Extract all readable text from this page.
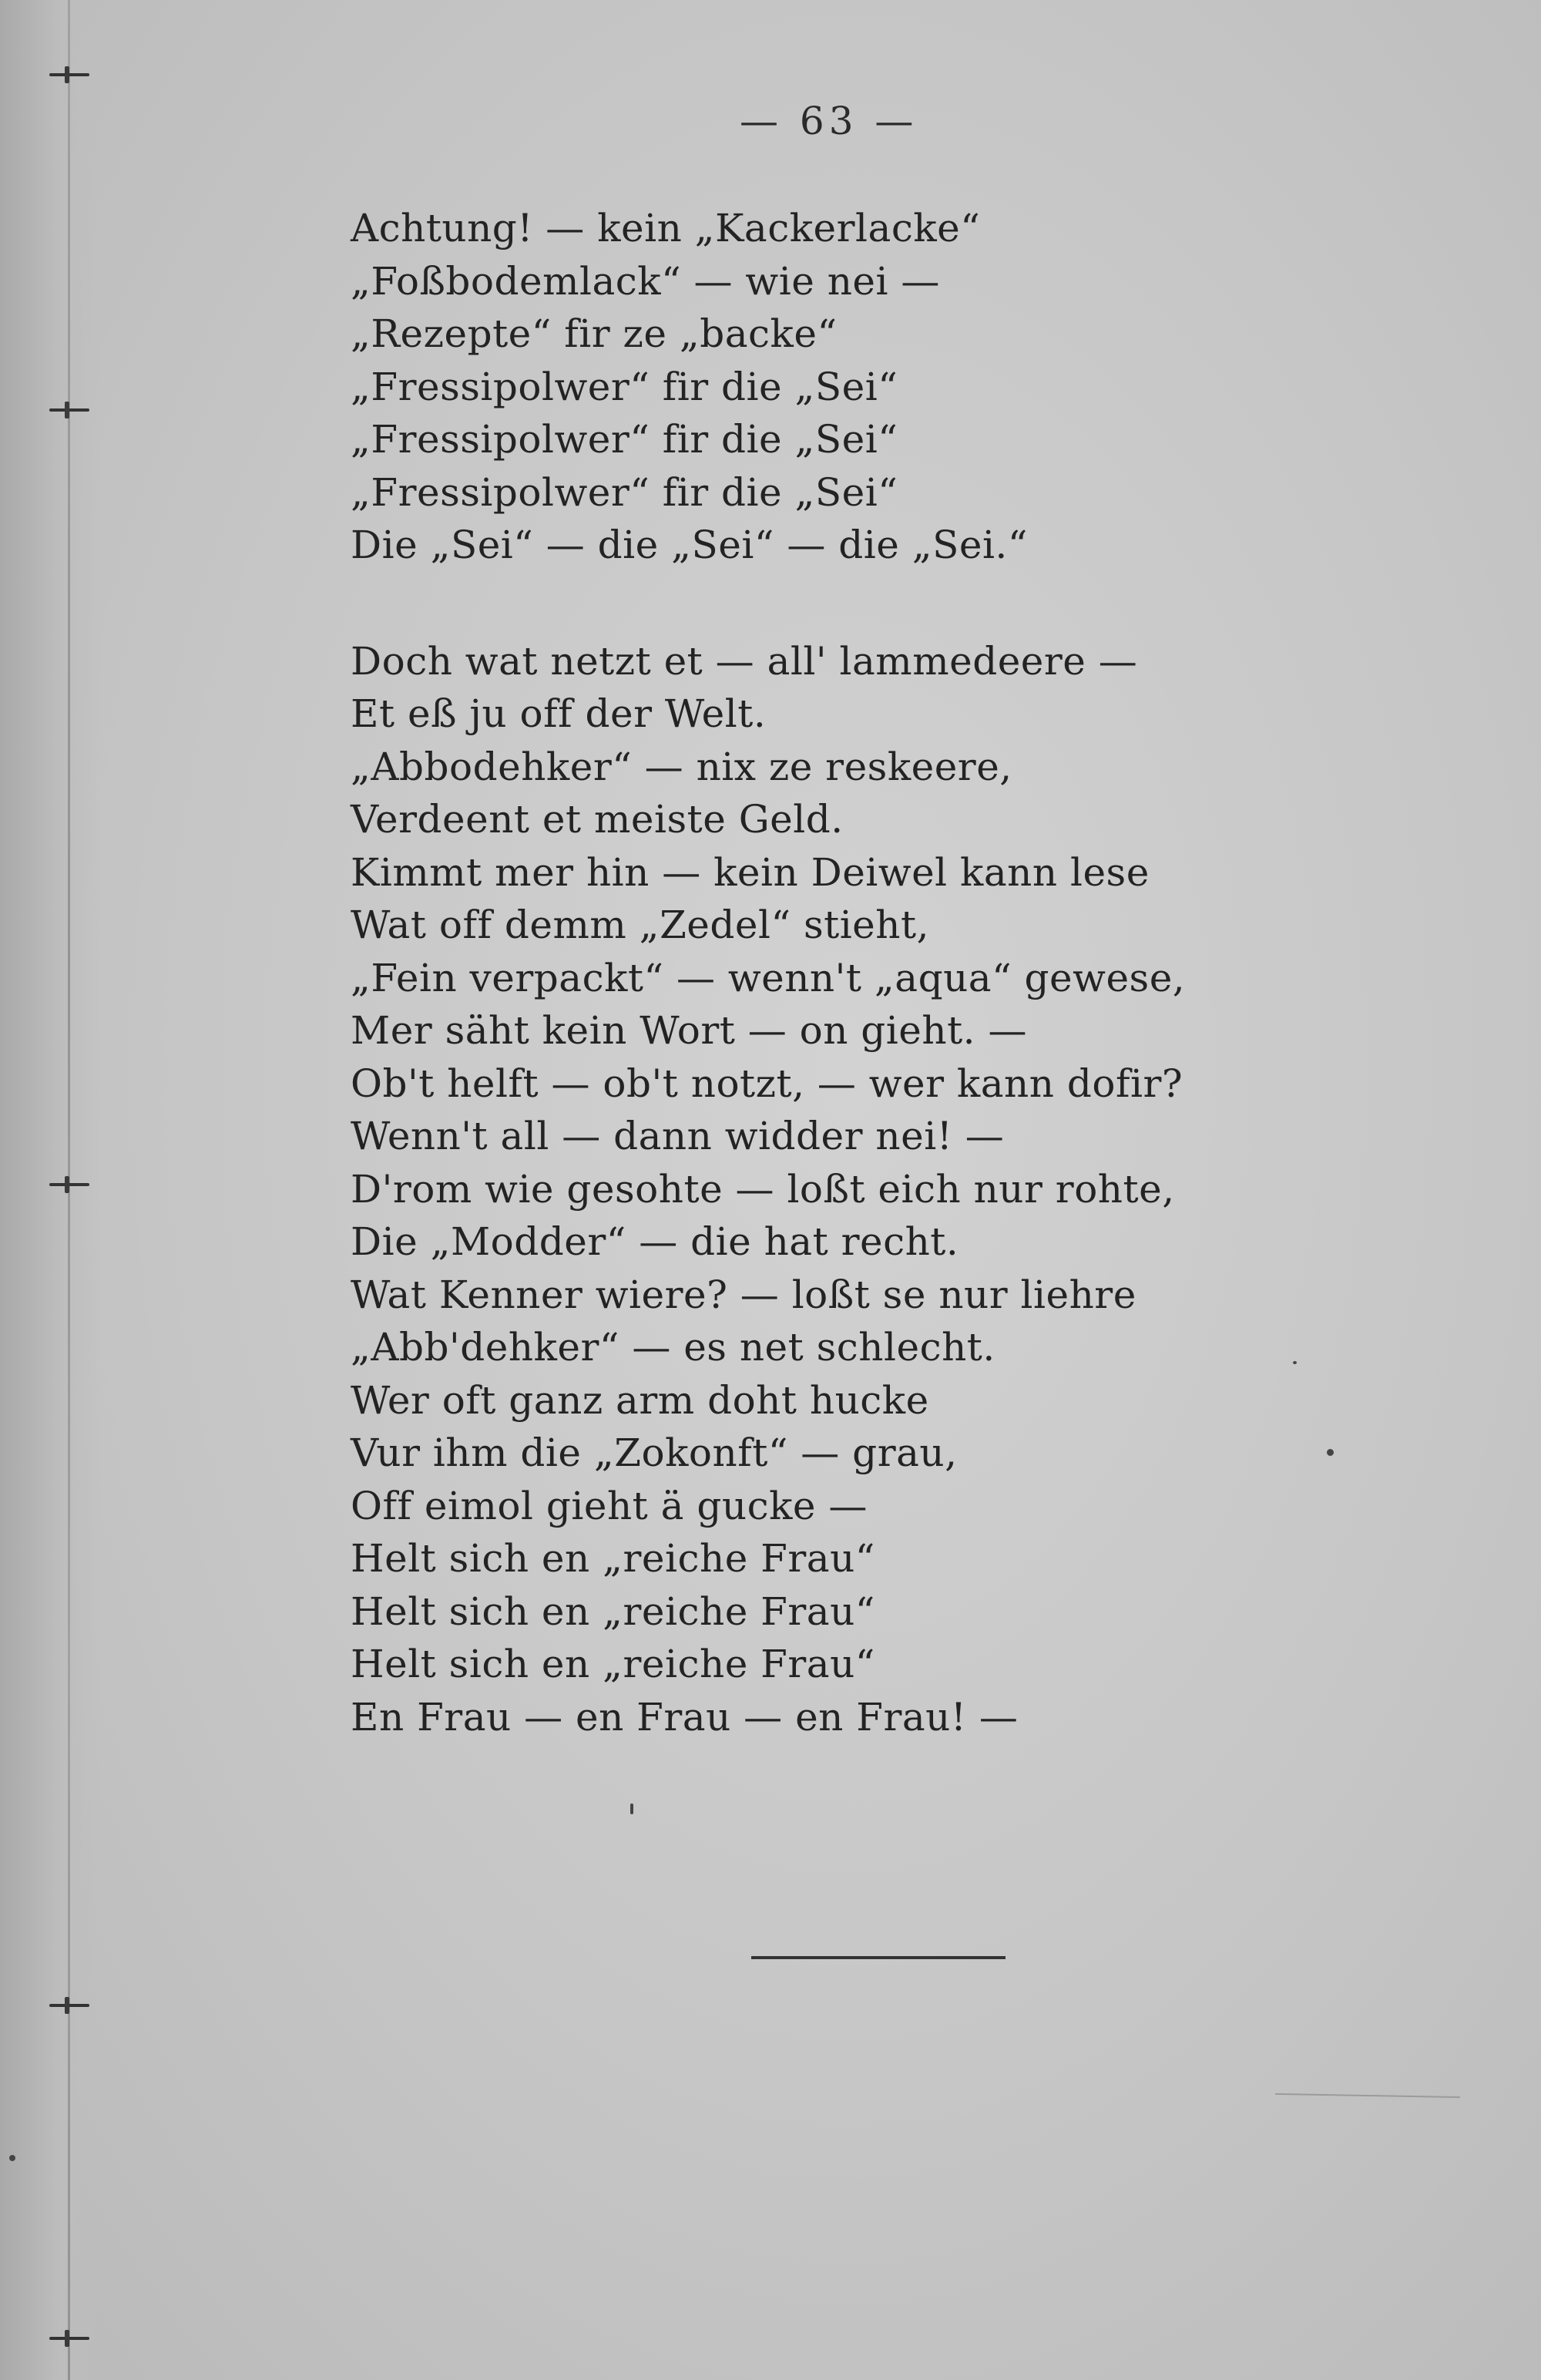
— 63 —
Achtung! — kein „Kackerlacke“
„Foßbodemlack“ — wie nei —
„Rezepte“ fir ze „backe“
„Fressipolwer“ fir die „Sei“
„Fressipolwer“ fir die „Sei“
„Fressipolwer“ fir die „Sei“
Die „Sei“ — die „Sei“ — die „Sei.“
Doch wat netzt et — all' lammedeere —
Et eß ju off der Welt.
„Abbodehker“ — nix ze reskeere,
Verdeent et meiste Geld.
Kimmt mer hin — kein Deiwel kann lese
Wat off demm „Zedel“ stieht,
„Fein verpackt“ — wenn't „aqua“ gewese,
Mer säht kein Wort — on gieht. —
Ob't helft — ob't notzt, — wer kann dofir?
Wenn't all — dann widder nei! —
D'rom wie gesohte — loßt eich nur rohte,
Die „Modder“ — die hat recht.
Wat Kenner wiere? — loßt se nur liehre
„Abb'dehker“ — es net schlecht.
Wer oft ganz arm doht hucke
Vur ihm die „Zokonft“ — grau,
Off eimol gieht ä gucke —
Helt sich en „reiche Frau“
Helt sich en „reiche Frau“
Helt sich en „reiche Frau“
En Frau — en Frau — en Frau! —
